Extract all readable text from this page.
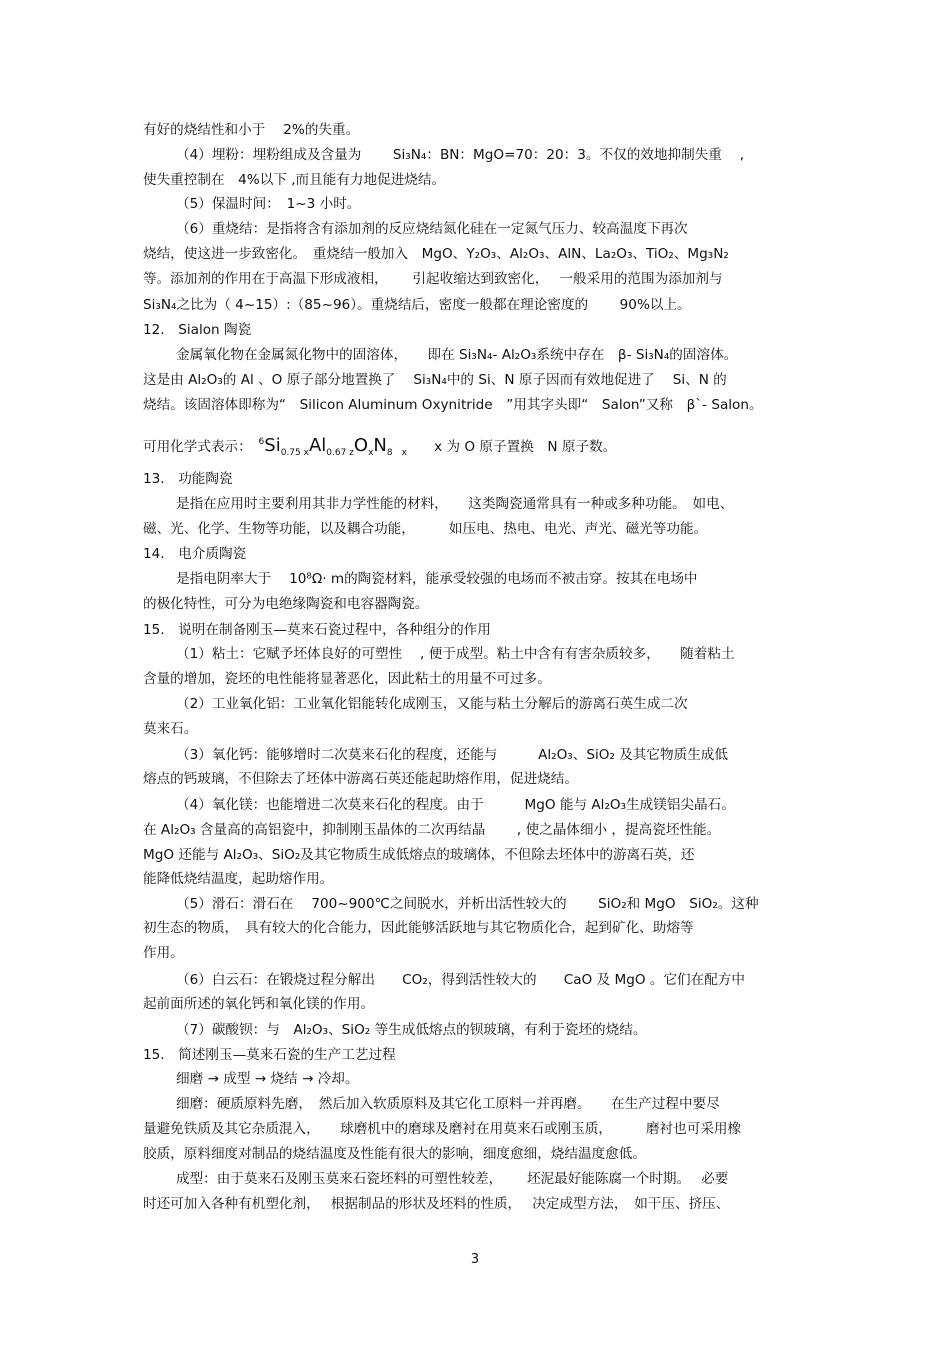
有好的烧结性和小于　 2%的失重。
（4）埋粉：埋粉组成及含量为　　 Si₃N₄：BN：MgO=70：20：3。不仅的效地抑制失重　 ,
使失重控制在　4%以下 ,而且能有力地促进烧结。
（5）保温时间：　1~3 小时。
（6）重烧结：是指将含有添加剂的反应烧结氮化硅在一定氮气压力、较高温度下再次
烧结，使这进一步致密化。　重烧结一般加入　MgO、Y₂O₃、Al₂O₃、AlN、La₂O₃、TiO₂、Mg₃N₂
等。添加剂的作用在于高温下形成液相，　　 引起收缩达到致密化，　 一般采用的范围为添加剂与
Si₃N₄之比为（ 4~15）:（85~96）。重烧结后，密度一般都在理论密度的　　 90%以上。
12.　Sialon 陶瓷
金属氧化物在金属氮化物中的固溶体，　　即在 Si₃N₄- Al₂O₃系统中存在　β- Si₃N₄的固溶体。
这是由 Al₂O₃的 Al 、O 原子部分地置换了　 Si₃N₄中的 Si、N 原子因而有效地促进了　 Si、N 的
烧结。该固溶体即称为“　Silicon Aluminum Oxynitride　”用其字头即“　Salon”又称　β`- Salon。
可用化学式表示：　 $^6Si_{0.75 x}Al_{0.67 z}O_xN_{8 x}$　　 x 为 O 原子置换　N 原子数。
13.　功能陶瓷
是指在应用时主要利用其非力学性能的材料，　　这类陶瓷通常具有一种或多种功能。　如电、
磁、光、化学、生物等功能，以及耦合功能，　　　如压电、热电、电光、声光、磁光等功能。
14.　电介质陶瓷
是指电阴率大于　 10⁸Ω· m的陶瓷材料，能承受较强的电场而不被击穿。按其在电场中
的极化特性，可分为电绝缘陶瓷和电容器陶瓷。
15.　说明在制备刚玉—莫来石瓷过程中，各种组分的作用
（1）粘土：它赋予坯体良好的可塑性　 , 便于成型。粘土中含有有害杂质较多，　　随着粘土
含量的增加，瓷坯的电性能将显著恶化，因此粘土的用量不可过多。
（2）工业氧化铝：工业氧化铝能转化成刚玉，又能与粘土分解后的游离石英生成二次
莫来石。
（3）氧化钙：能够增时二次莫来石化的程度，还能与　　　Al₂O₃、SiO₂ 及其它物质生成低
熔点的钙玻璃，不但除去了坯体中游离石英还能起助熔作用，促进烧结。
（4）氧化镁：也能增进二次莫来石化的程度。由于　　　MgO 能与 Al₂O₃生成镁铝尖晶石。
在 Al₂O₃ 含量高的高铝瓷中，抑制刚玉晶体的二次再结晶　　 , 使之晶体细小 ，提高瓷坯性能。
MgO 还能与 Al₂O₃、SiO₂及其它物质生成低熔点的玻璃体，不但除去坯体中的游离石英，还
能降低烧结温度，起助熔作用。
（5）滑石：滑石在　 700~900℃之间脱水，并析出活性较大的　　 SiO₂和 MgO　SiO₂。这种
初生态的物质，　具有较大的化合能力，因此能够活跃地与其它物质化合，起到矿化、助熔等
作用。
（6）白云石：在锻烧过程分解出　　CO₂，得到活性较大的　　CaO 及 MgO 。它们在配方中
起前面所述的氧化钙和氧化镁的作用。
（7）碳酸钡：与　Al₂O₃、SiO₂ 等生成低熔点的钡玻璃，有利于瓷坯的烧结。
15.　简述刚玉—莫来石瓷的生产工艺过程
细磨 → 成型 → 烧结 → 冷却。
细磨：硬质原料先磨，　然后加入软质原料及其它化工原料一并再磨。　　在生产过程中要尽
量避免铁质及其它杂质混入，　　球磨机中的磨球及磨衬在用莫来石或刚玉质，　　　磨衬也可采用橡
胶质，原料细度对制品的烧结温度及性能有很大的影响，细度愈细，烧结温度愈低。
成型：由于莫来石及刚玉莫来石瓷坯料的可塑性较差，　　 坯泥最好能陈腐一个时期。　 必要
时还可加入各种有机塑化剂，　 根据制品的形状及坯料的性质，　 决定成型方法，　如干压、挤压、
3
